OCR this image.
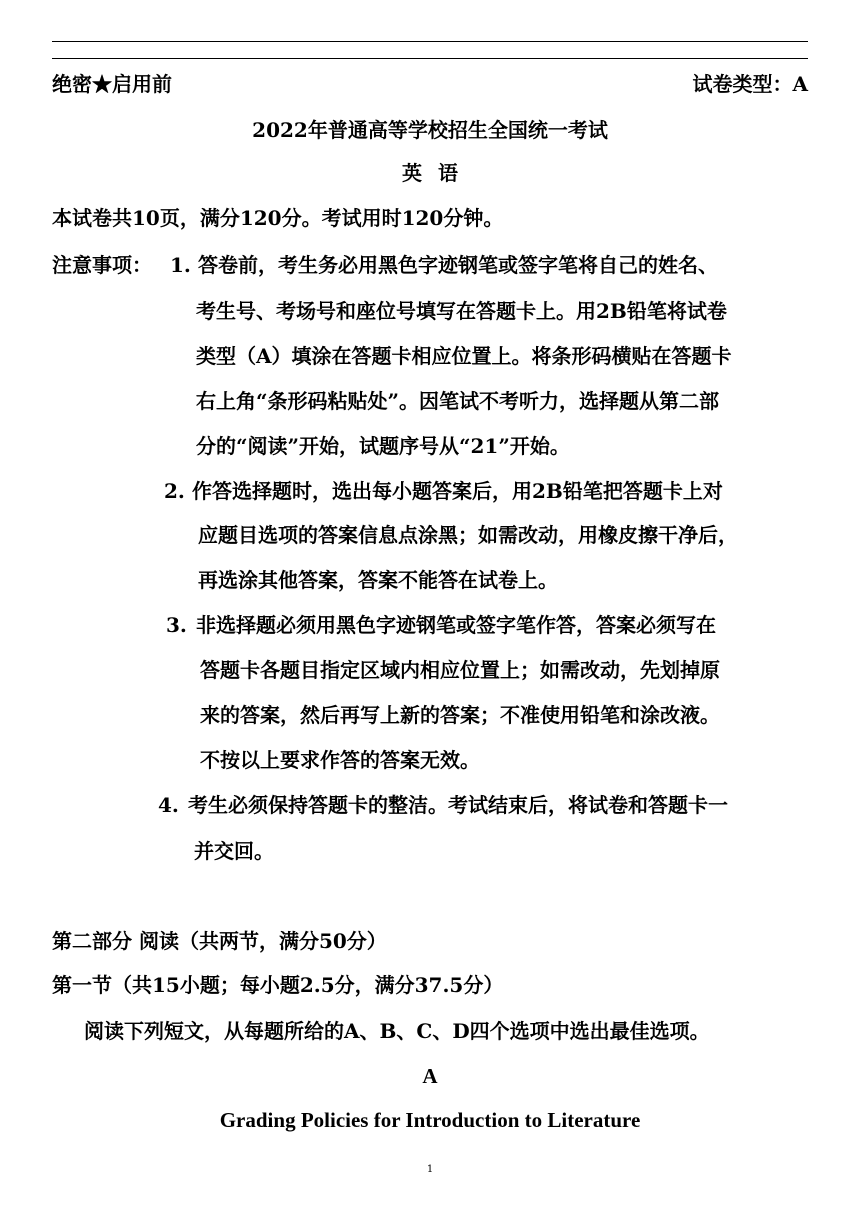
绝密★启用前	试卷类型：A
2022年普通高等学校招生全国统一考试
英语
本试卷共10页，满分120分。考试用时120分钟。
注意事项： 1. 答卷前，考生务必用黑色字迹钢笔或签字笔将自己的姓名、
考生号、考场号和座位号填写在答题卡上。用2B铅笔将试卷
类型（A）填涂在答题卡相应位置上。将条形码横贴在答题卡
右上角“条形码粘贴处”。因笔试不考听力，选择题从第二部
分的“阅读”开始，试题序号从“21”开始。
2. 作答选择题时，选出每小题答案后，用2B铅笔把答题卡上对
应题目选项的答案信息点涂黑；如需改动，用橡皮擦干净后，
再选涂其他答案，答案不能答在试卷上。
3. 非选择题必须用黑色字迹钢笔或签字笔作答，答案必须写在
答题卡各题目指定区域内相应位置上；如需改动，先划掉原
来的答案，然后再写上新的答案；不准使用铅笔和涂改液。
不按以上要求作答的答案无效。
4. 考生必须保持答题卡的整洁。考试结束后，将试卷和答题卡一
并交回。
第二部分 阅读（共两节，满分50分）
第一节（共15小题；每小题2.5分，满分37.5分）
阅读下列短文，从每题所给的A、B、C、D四个选项中选出最佳选项。
A
Grading Policies for Introduction to Literature
1
